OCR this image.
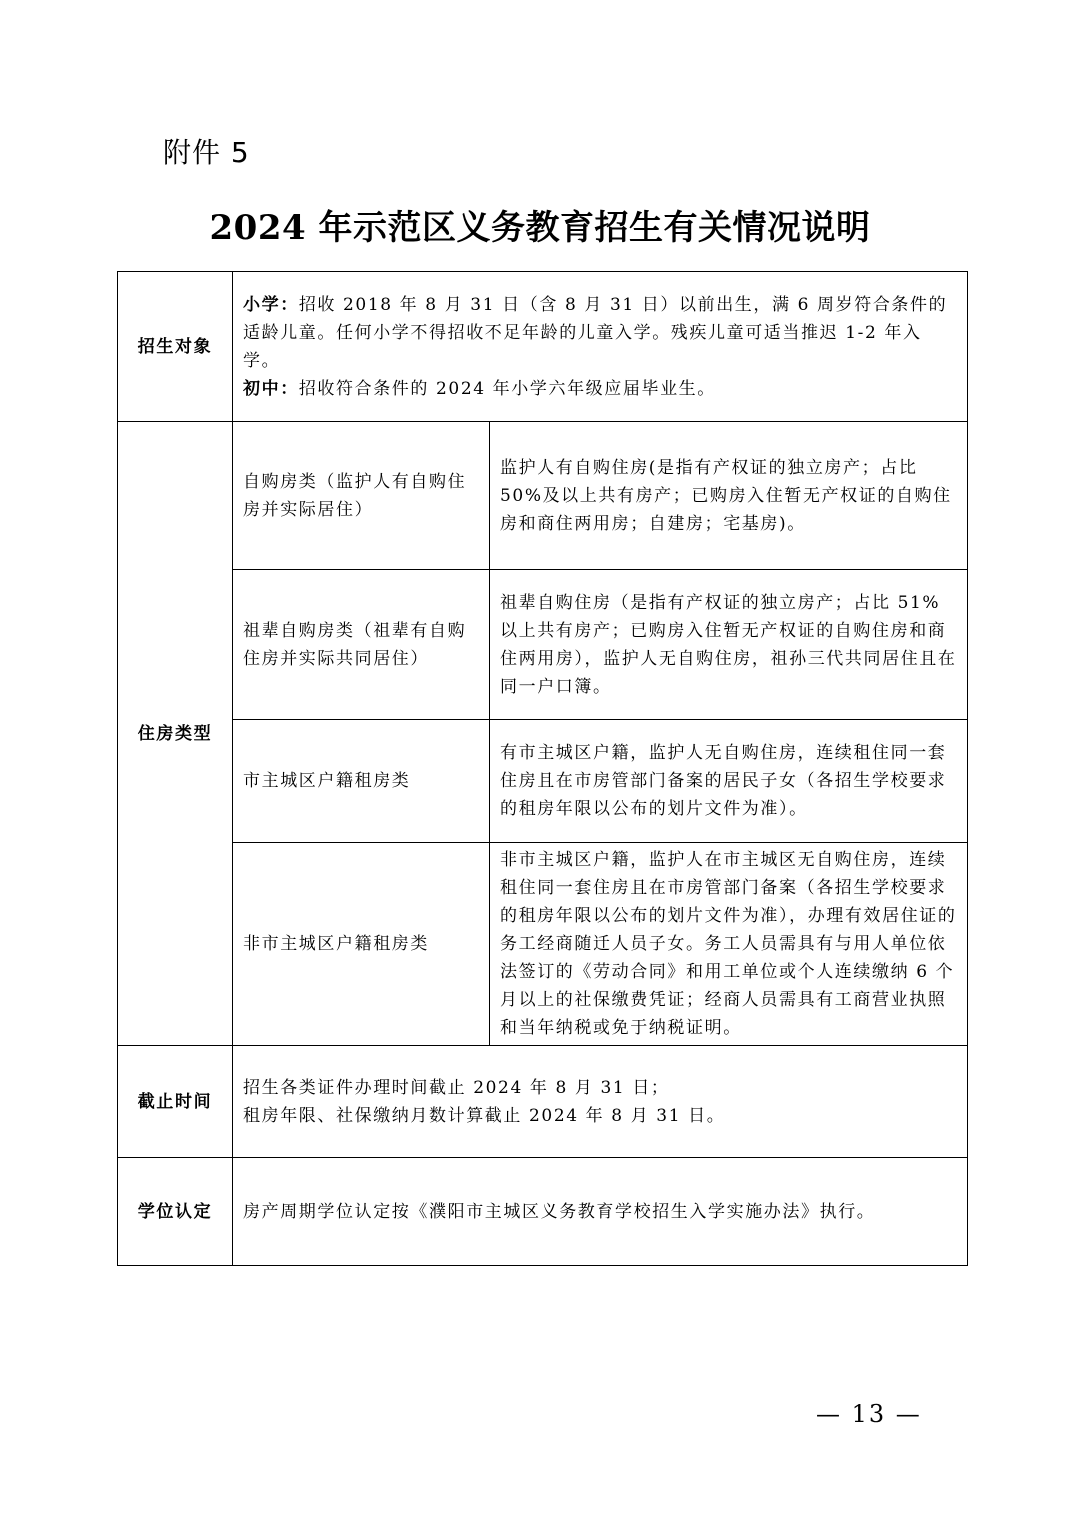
附件 5
2024 年示范区义务教育招生有关情况说明
招生对象	小学：招收 2018 年 8 月 31 日（含 8 月 31 日）以前出生，满 6 周岁符合条件的适龄儿童。任何小学不得招收不足年龄的儿童入学。残疾儿童可适当推迟 1-2 年入学。
初中：招收符合条件的 2024 年小学六年级应届毕业生。	

住房类型	自购房类（监护人有自购住房并实际居住）	监护人有自购住房(是指有产权证的独立房产；占比 50%及以上共有房产；已购房入住暂无产权证的自购住房和商住两用房；自建房；宅基房)。
	祖辈自购房类（祖辈有自购住房并实际共同居住）	祖辈自购住房（是指有产权证的独立房产；占比 51%以上共有房产；已购房入住暂无产权证的自购住房和商住两用房），监护人无自购住房，祖孙三代共同居住且在同一户口簿。
	市主城区户籍租房类	有市主城区户籍，监护人无自购住房，连续租住同一套住房且在市房管部门备案的居民子女（各招生学校要求的租房年限以公布的划片文件为准）。
	非市主城区户籍租房类	非市主城区户籍，监护人在市主城区无自购住房，连续租住同一套住房且在市房管部门备案（各招生学校要求的租房年限以公布的划片文件为准），办理有效居住证的务工经商随迁人员子女。务工人员需具有与用人单位依法签订的《劳动合同》和用工单位或个人连续缴纳 6 个月以上的社保缴费凭证；经商人员需具有工商营业执照和当年纳税或免于纳税证明。
截止时间	招生各类证件办理时间截止 2024 年 8 月 31 日；
租房年限、社保缴纳月数计算截止 2024 年 8 月 31 日。	

学位认定	房产周期学位认定按《濮阳市主城区义务教育学校招生入学实施办法》执行。	
— 13 —
